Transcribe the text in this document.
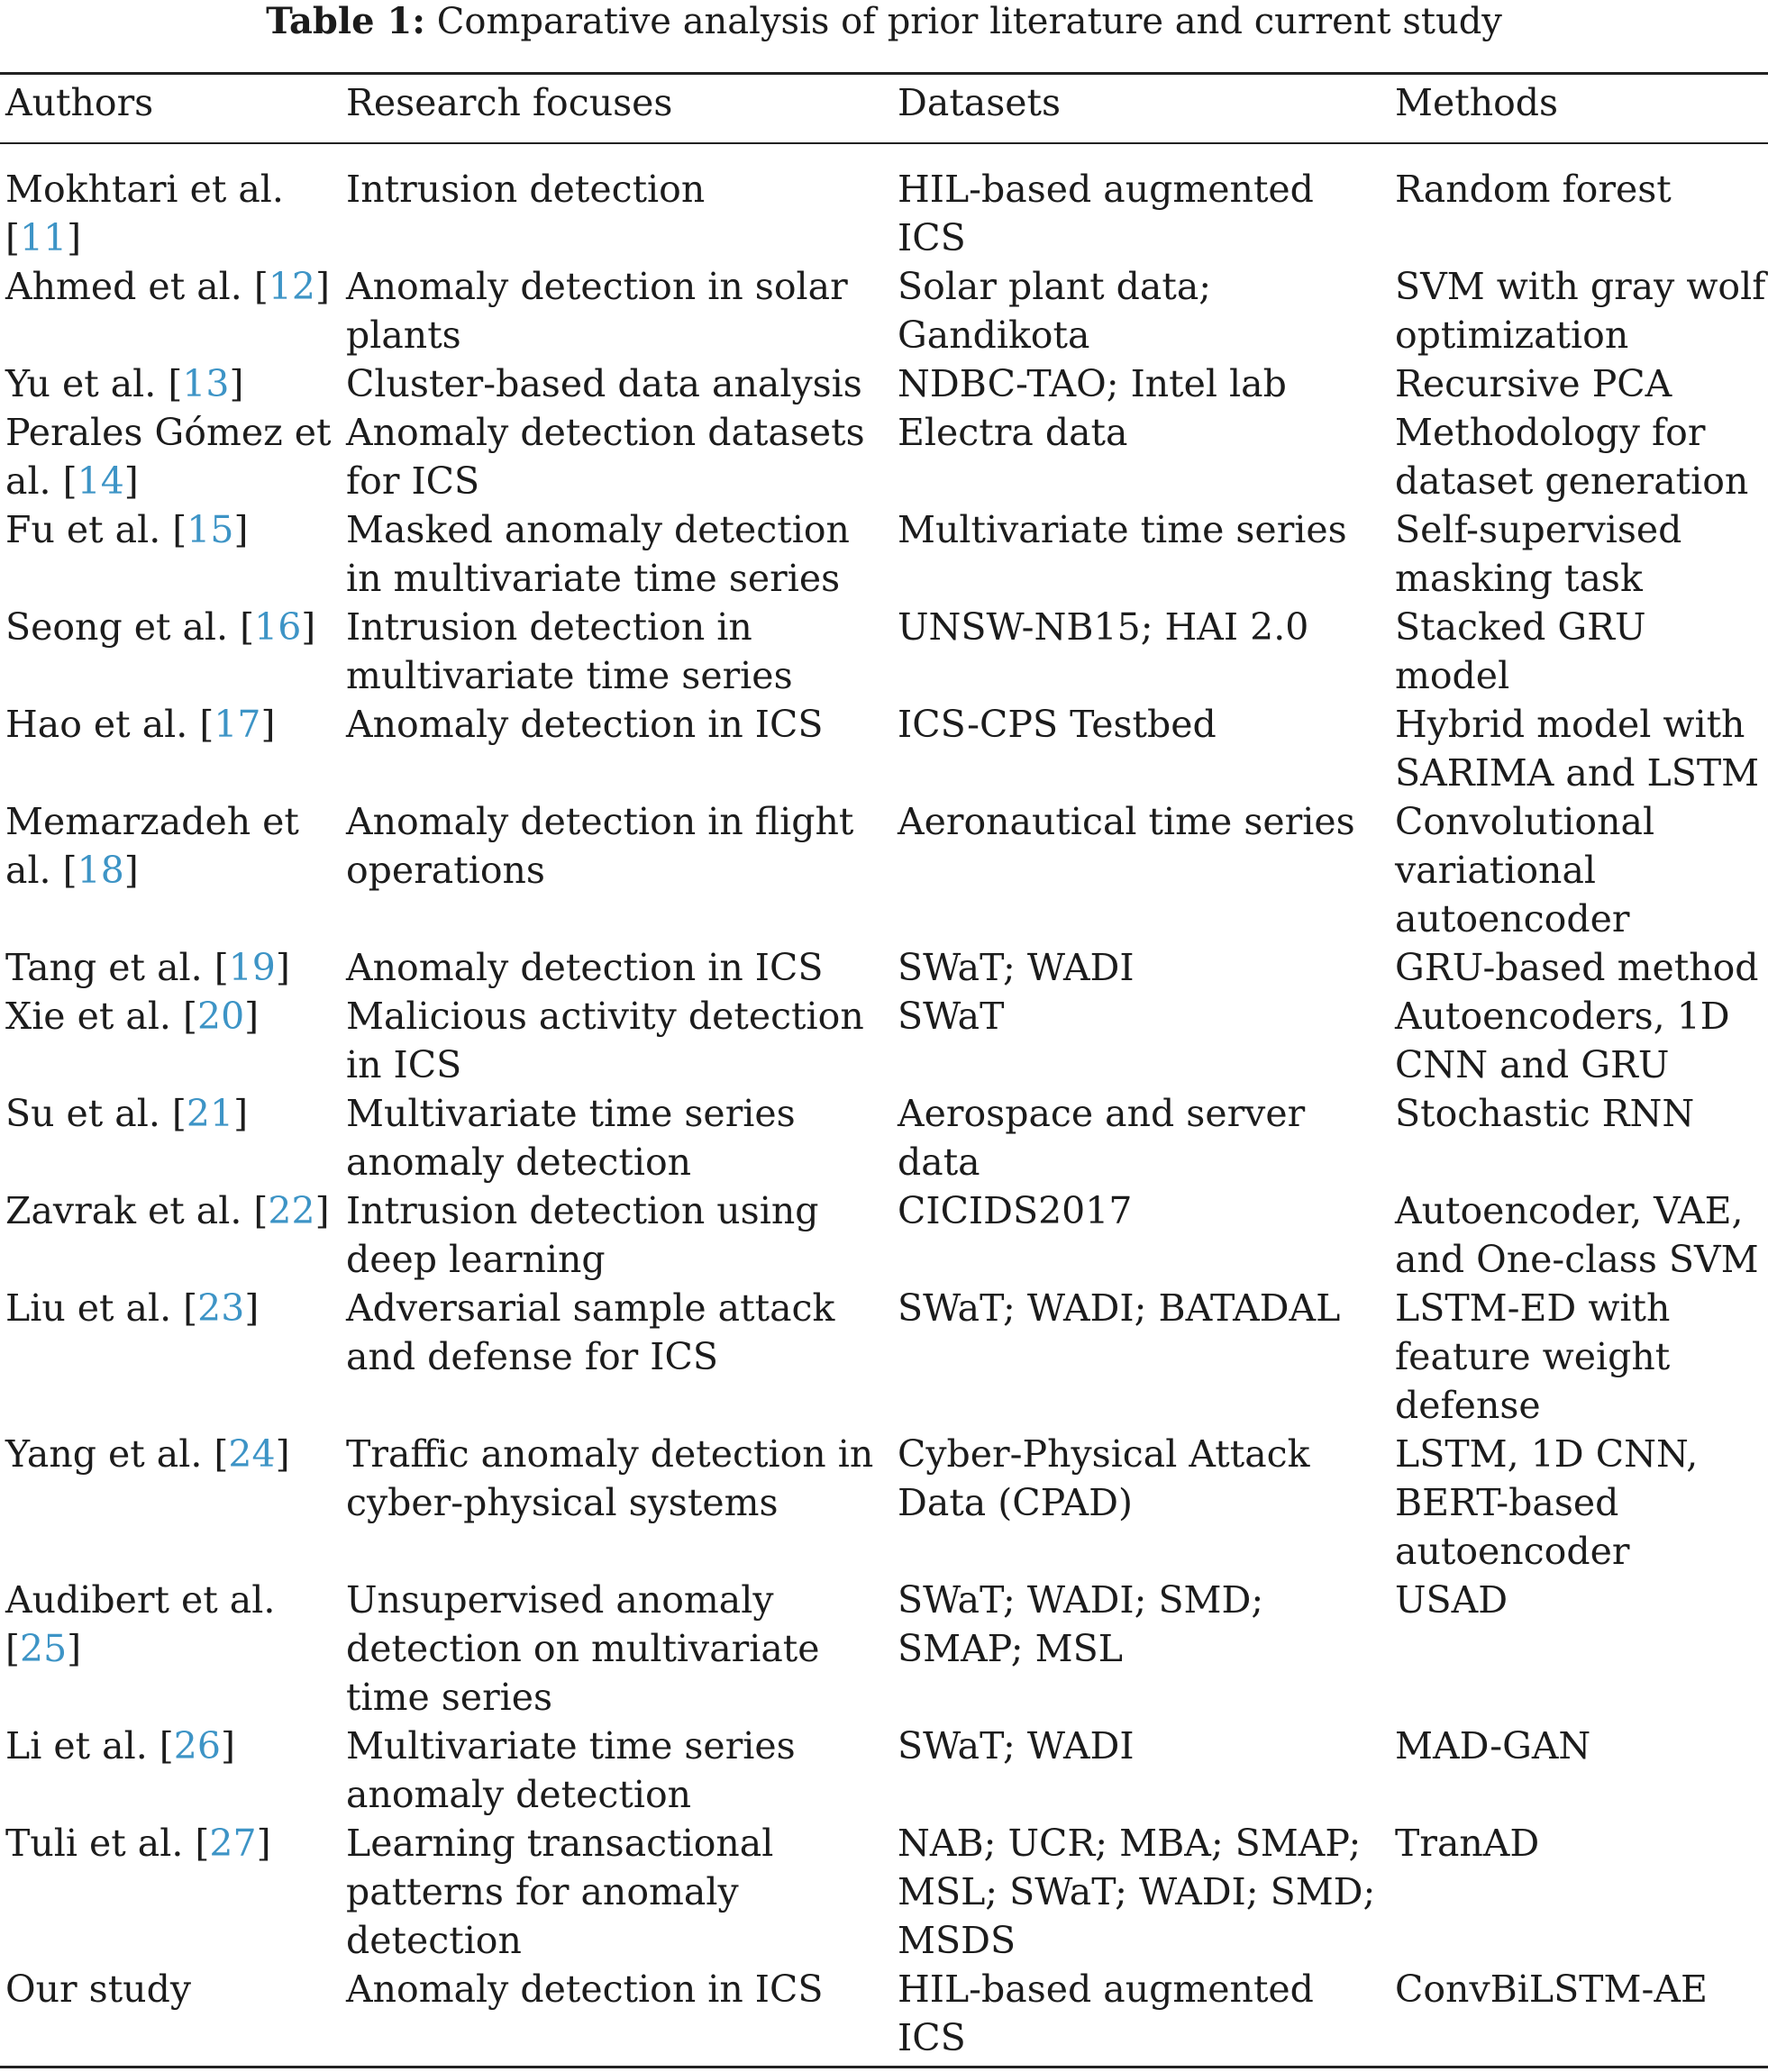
Table 1: Comparative analysis of prior literature and current study
Authors	Research focuses	Datasets	Methods
Mokhtari et al. [11]	Intrusion detection	HIL-based augmented ICS	Random forest
Ahmed et al. [12]	Anomaly detection in solar plants	Solar plant data; Gandikota	SVM with gray wolf optimization
Yu et al. [13]	Cluster-based data analysis	NDBC-TAO; Intel lab	Recursive PCA
Perales Gómez et al. [14]	Anomaly detection datasets for ICS	Electra data	Methodology for dataset generation
Fu et al. [15]	Masked anomaly detection in multivariate time series	Multivariate time series	Self-supervised masking task
Seong et al. [16]	Intrusion detection in multivariate time series	UNSW-NB15; HAI 2.0	Stacked GRU model
Hao et al. [17]	Anomaly detection in ICS	ICS-CPS Testbed	Hybrid model with SARIMA and LSTM
Memarzadeh et al. [18]	Anomaly detection in flight operations	Aeronautical time series	Convolutional variational autoencoder
Tang et al. [19]	Anomaly detection in ICS	SWaT; WADI	GRU-based method
Xie et al. [20]	Malicious activity detection in ICS	SWaT	Autoencoders, 1D CNN and GRU
Su et al. [21]	Multivariate time series anomaly detection	Aerospace and server data	Stochastic RNN
Zavrak et al. [22]	Intrusion detection using deep learning	CICIDS2017	Autoencoder, VAE, and One-class SVM
Liu et al. [23]	Adversarial sample attack and defense for ICS	SWaT; WADI; BATADAL	LSTM-ED with feature weight defense
Yang et al. [24]	Traffic anomaly detection in cyber-physical systems	Cyber-Physical Attack Data (CPAD)	LSTM, 1D CNN, BERT-based autoencoder
Audibert et al. [25]	Unsupervised anomaly detection on multivariate time series	SWaT; WADI; SMD; SMAP; MSL	USAD
Li et al. [26]	Multivariate time series anomaly detection	SWaT; WADI	MAD-GAN
Tuli et al. [27]	Learning transactional patterns for anomaly detection	NAB; UCR; MBA; SMAP; MSL; SWaT; WADI; SMD; MSDS	TranAD
Our study	Anomaly detection in ICS	HIL-based augmented ICS	ConvBiLSTM-AE
